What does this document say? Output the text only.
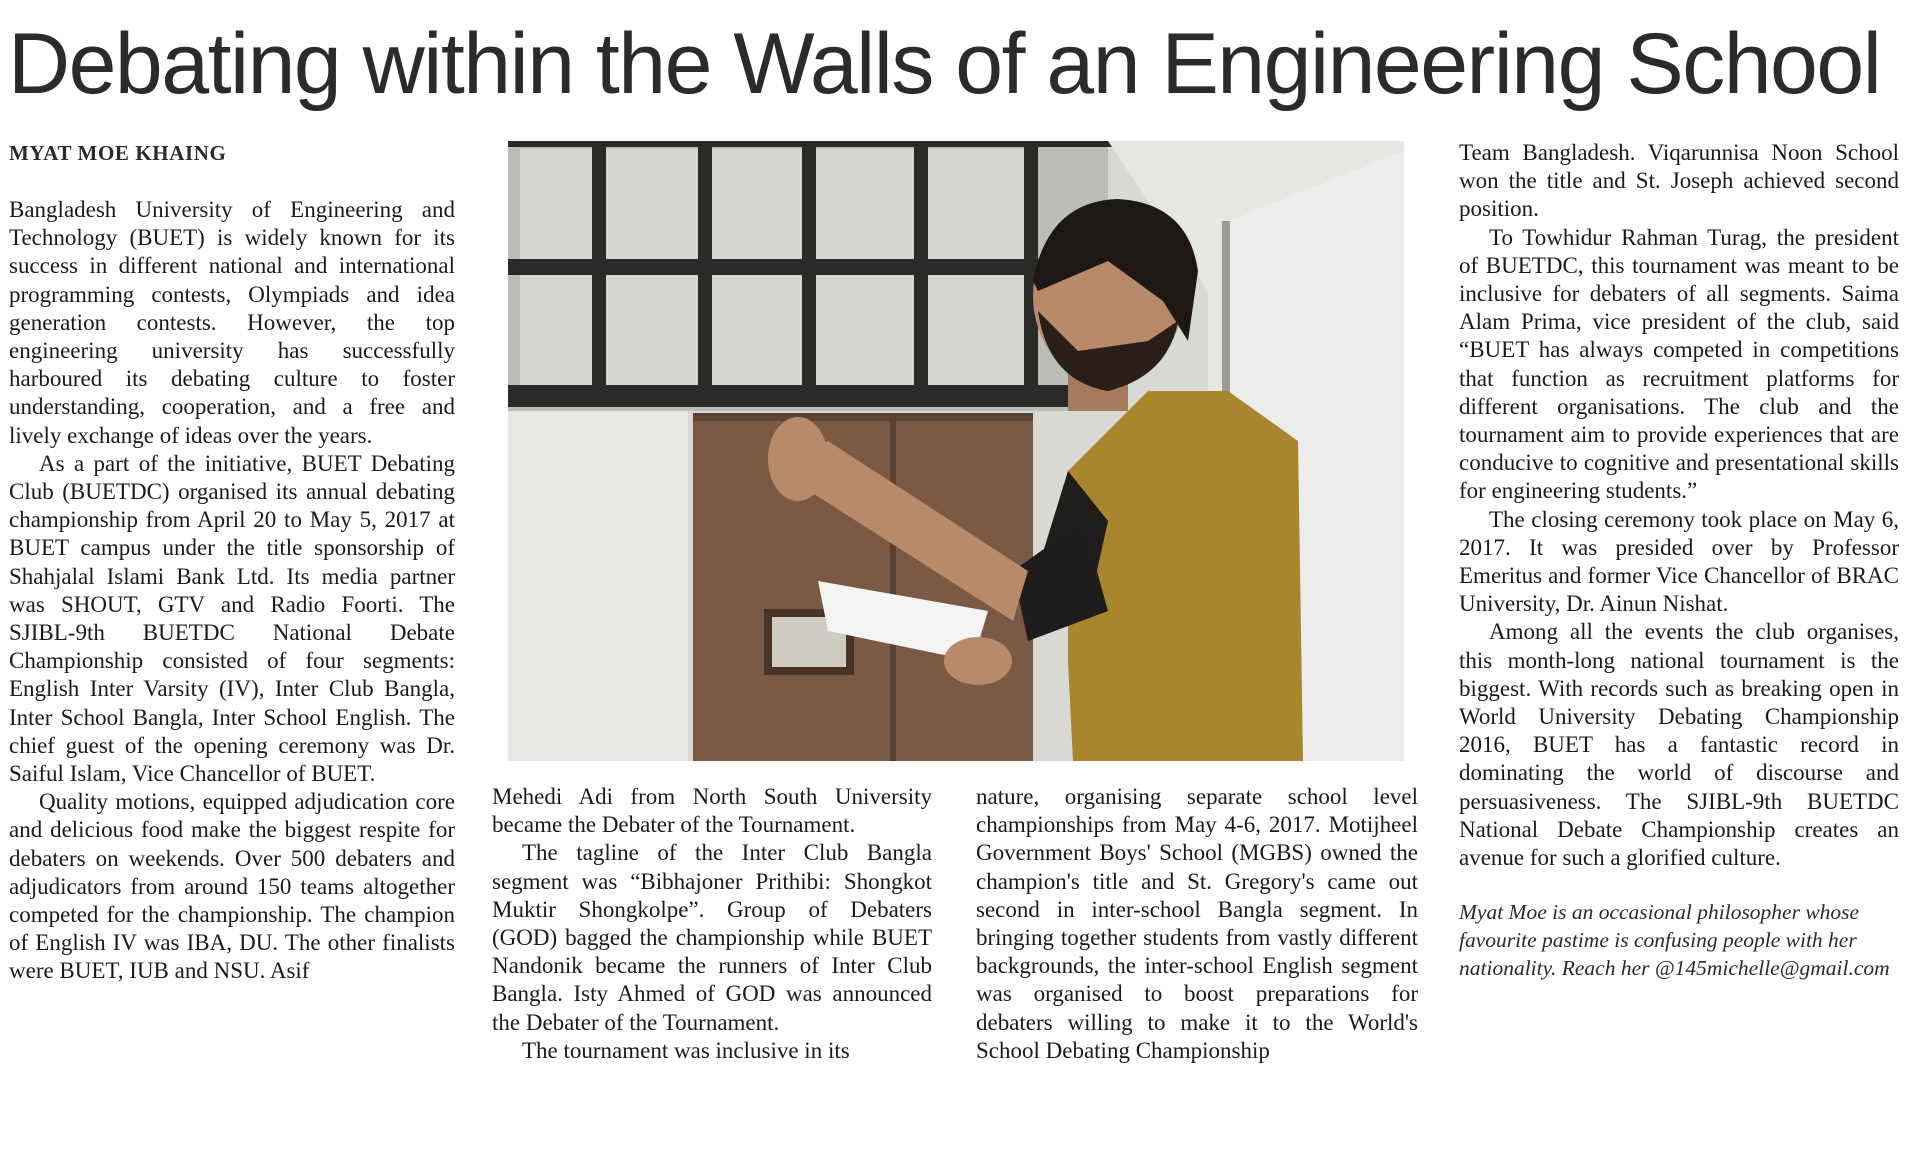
Debating within the Walls of an Engineering School
MYAT MOE KHAING

Bangladesh University of Engineering and Technology (BUET) is widely known for its success in different national and international programming contests, Olympiads and idea generation contests. However, the top engineering university has successfully harboured its debating culture to foster understanding, cooperation, and a free and lively exchange of ideas over the years.

As a part of the initiative, BUET Debating Club (BUETDC) organised its annual debating championship from April 20 to May 5, 2017 at BUET campus under the title sponsorship of Shahjalal Islami Bank Ltd. Its media partner was SHOUT, GTV and Radio Foorti. The SJIBL-9th BUETDC National Debate Championship consisted of four segments: English Inter Varsity (IV), Inter Club Bangla, Inter School Bangla, Inter School English. The chief guest of the opening ceremony was Dr. Saiful Islam, Vice Chancellor of BUET.

Quality motions, equipped adjudication core and delicious food make the biggest respite for debaters on weekends. Over 500 debaters and adjudicators from around 150 teams altogether competed for the championship. The champion of English IV was IBA, DU. The other finalists were BUET, IUB and NSU. Asif

Mehedi Adi from North South University became the Debater of the Tournament.

The tagline of the Inter Club Bangla segment was “Bibhajoner Prithibi: Shongkot Muktir Shongkolpe”. Group of Debaters (GOD) bagged the championship while BUET Nandonik became the runners of Inter Club Bangla. Isty Ahmed of GOD was announced the Debater of the Tournament.

The tournament was inclusive in its

nature, organising separate school level championships from May 4-6, 2017. Motijheel Government Boys' School (MGBS) owned the champion's title and St. Gregory's came out second in inter-school Bangla segment. In bringing together students from vastly different backgrounds, the inter-school English segment was organised to boost preparations for debaters willing to make it to the World's School Debating Championship

Team Bangladesh. Viqarunnisa Noon School won the title and St. Joseph achieved second position.

To Towhidur Rahman Turag, the president of BUETDC, this tournament was meant to be inclusive for debaters of all segments. Saima Alam Prima, vice president of the club, said “BUET has always competed in competitions that function as recruitment platforms for different organisations. The club and the tournament aim to provide experiences that are conducive to cognitive and presentational skills for engineering students.”

The closing ceremony took place on May 6, 2017. It was presided over by Professor Emeritus and former Vice Chancellor of BRAC University, Dr. Ainun Nishat.

Among all the events the club organises, this month-long national tournament is the biggest. With records such as breaking open in World University Debating Championship 2016, BUET has a fantastic record in dominating the world of discourse and persuasiveness. The SJIBL-9th BUETDC National Debate Championship creates an avenue for such a glorified culture.

Myat Moe is an occasional philosopher whose favourite pastime is confusing people with her nationality. Reach her @145michelle@gmail.com
